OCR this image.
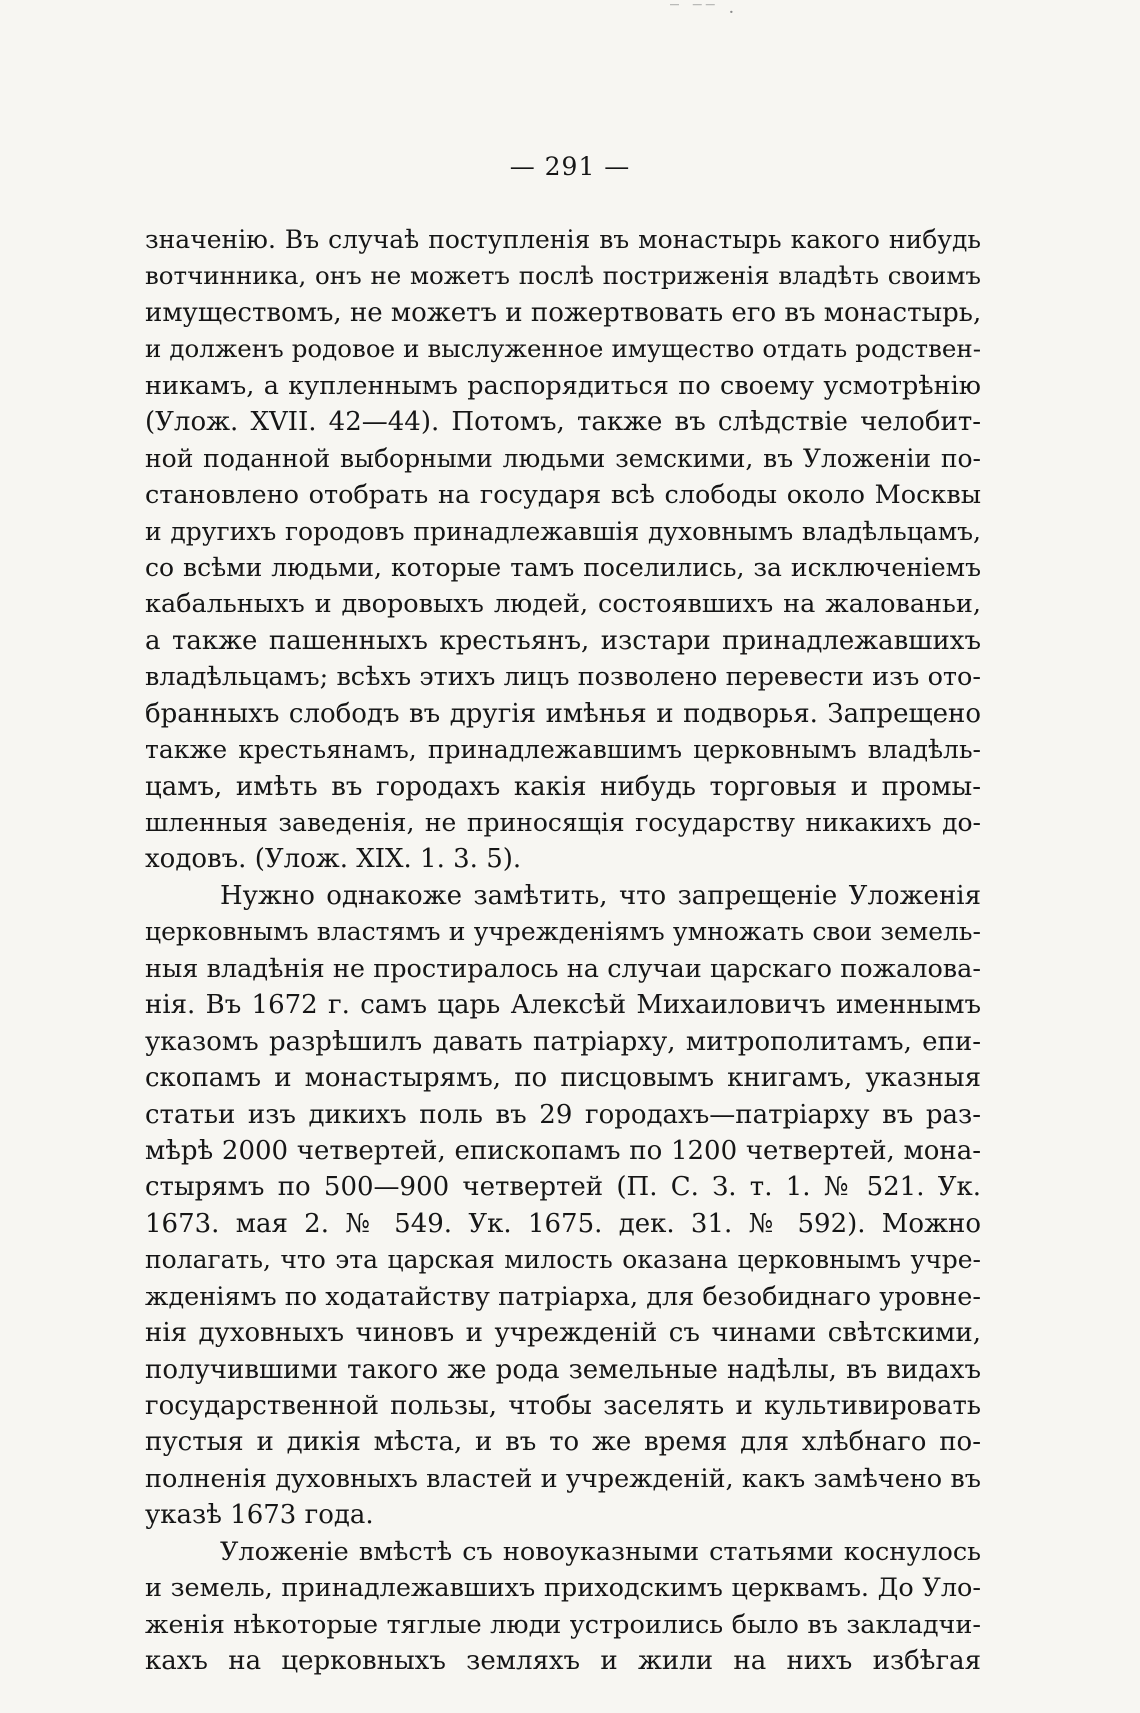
‾ ‾‾ ·
— 291 —
значенію. Въ случаѣ поступленія въ монастырь какого нибудь
вотчинника, онъ не можетъ послѣ постриженія владѣть своимъ
имуществомъ, не можетъ и пожертвовать его въ монастырь,
и долженъ родовое и выслуженное имущество отдать родствен-
никамъ, а купленнымъ распорядиться по своему усмотрѣнію
(Улож. XVII. 42—44). Потомъ, также въ слѣдствіе челобит-
ной поданной выборными людьми земскими, въ Уложеніи по-
становлено отобрать на государя всѣ слободы около Москвы
и другихъ городовъ принадлежавшія духовнымъ владѣльцамъ,
со всѣми людьми, которые тамъ поселились, за исключеніемъ
кабальныхъ и дворовыхъ людей, состоявшихъ на жалованьи,
а также пашенныхъ крестьянъ, изстари принадлежавшихъ
владѣльцамъ; всѣхъ этихъ лицъ позволено перевести изъ ото-
бранныхъ слободъ въ другія имѣнья и подворья. Запрещено
также крестьянамъ, принадлежавшимъ церковнымъ владѣль-
цамъ, имѣть въ городахъ какія нибудь торговыя и промы-
шленныя заведенія, не приносящія государству никакихъ до-
ходовъ. (Улож. XIX. 1. 3. 5).
Нужно однакоже замѣтить, что запрещеніе Уложенія
церковнымъ властямъ и учрежденіямъ умножать свои земель-
ныя владѣнія не простиралось на случаи царскаго пожалова-
нія. Въ 1672 г. самъ царь Алексѣй Михаиловичъ именнымъ
указомъ разрѣшилъ давать патріарху, митрополитамъ, епи-
скопамъ и монастырямъ, по писцовымъ книгамъ, указныя
статьи изъ дикихъ поль въ 29 городахъ—патріарху въ раз-
мѣрѣ 2000 четвертей, епископамъ по 1200 четвертей, мона-
стырямъ по 500—900 четвертей (П. С. З. т. 1. № 521. Ук.
1673. мая 2. № 549. Ук. 1675. дек. 31. № 592). Можно
полагать, что эта царская милость оказана церковнымъ учре-
жденіямъ по ходатайству патріарха, для безобиднаго уровне-
нія духовныхъ чиновъ и учрежденій съ чинами свѣтскими,
получившими такого же рода земельные надѣлы, въ видахъ
государственной пользы, чтобы заселять и культивировать
пустыя и дикія мѣста, и въ то же время для хлѣбнаго по-
полненія духовныхъ властей и учрежденій, какъ замѣчено въ
указѣ 1673 года.
Уложеніе вмѣстѣ съ новоуказными статьями коснулось
и земель, принадлежавшихъ приходскимъ церквамъ. До Уло-
женія нѣкоторые тяглые люди устроились было въ закладчи-
кахъ на церковныхъ земляхъ и жили на нихъ избѣгая
